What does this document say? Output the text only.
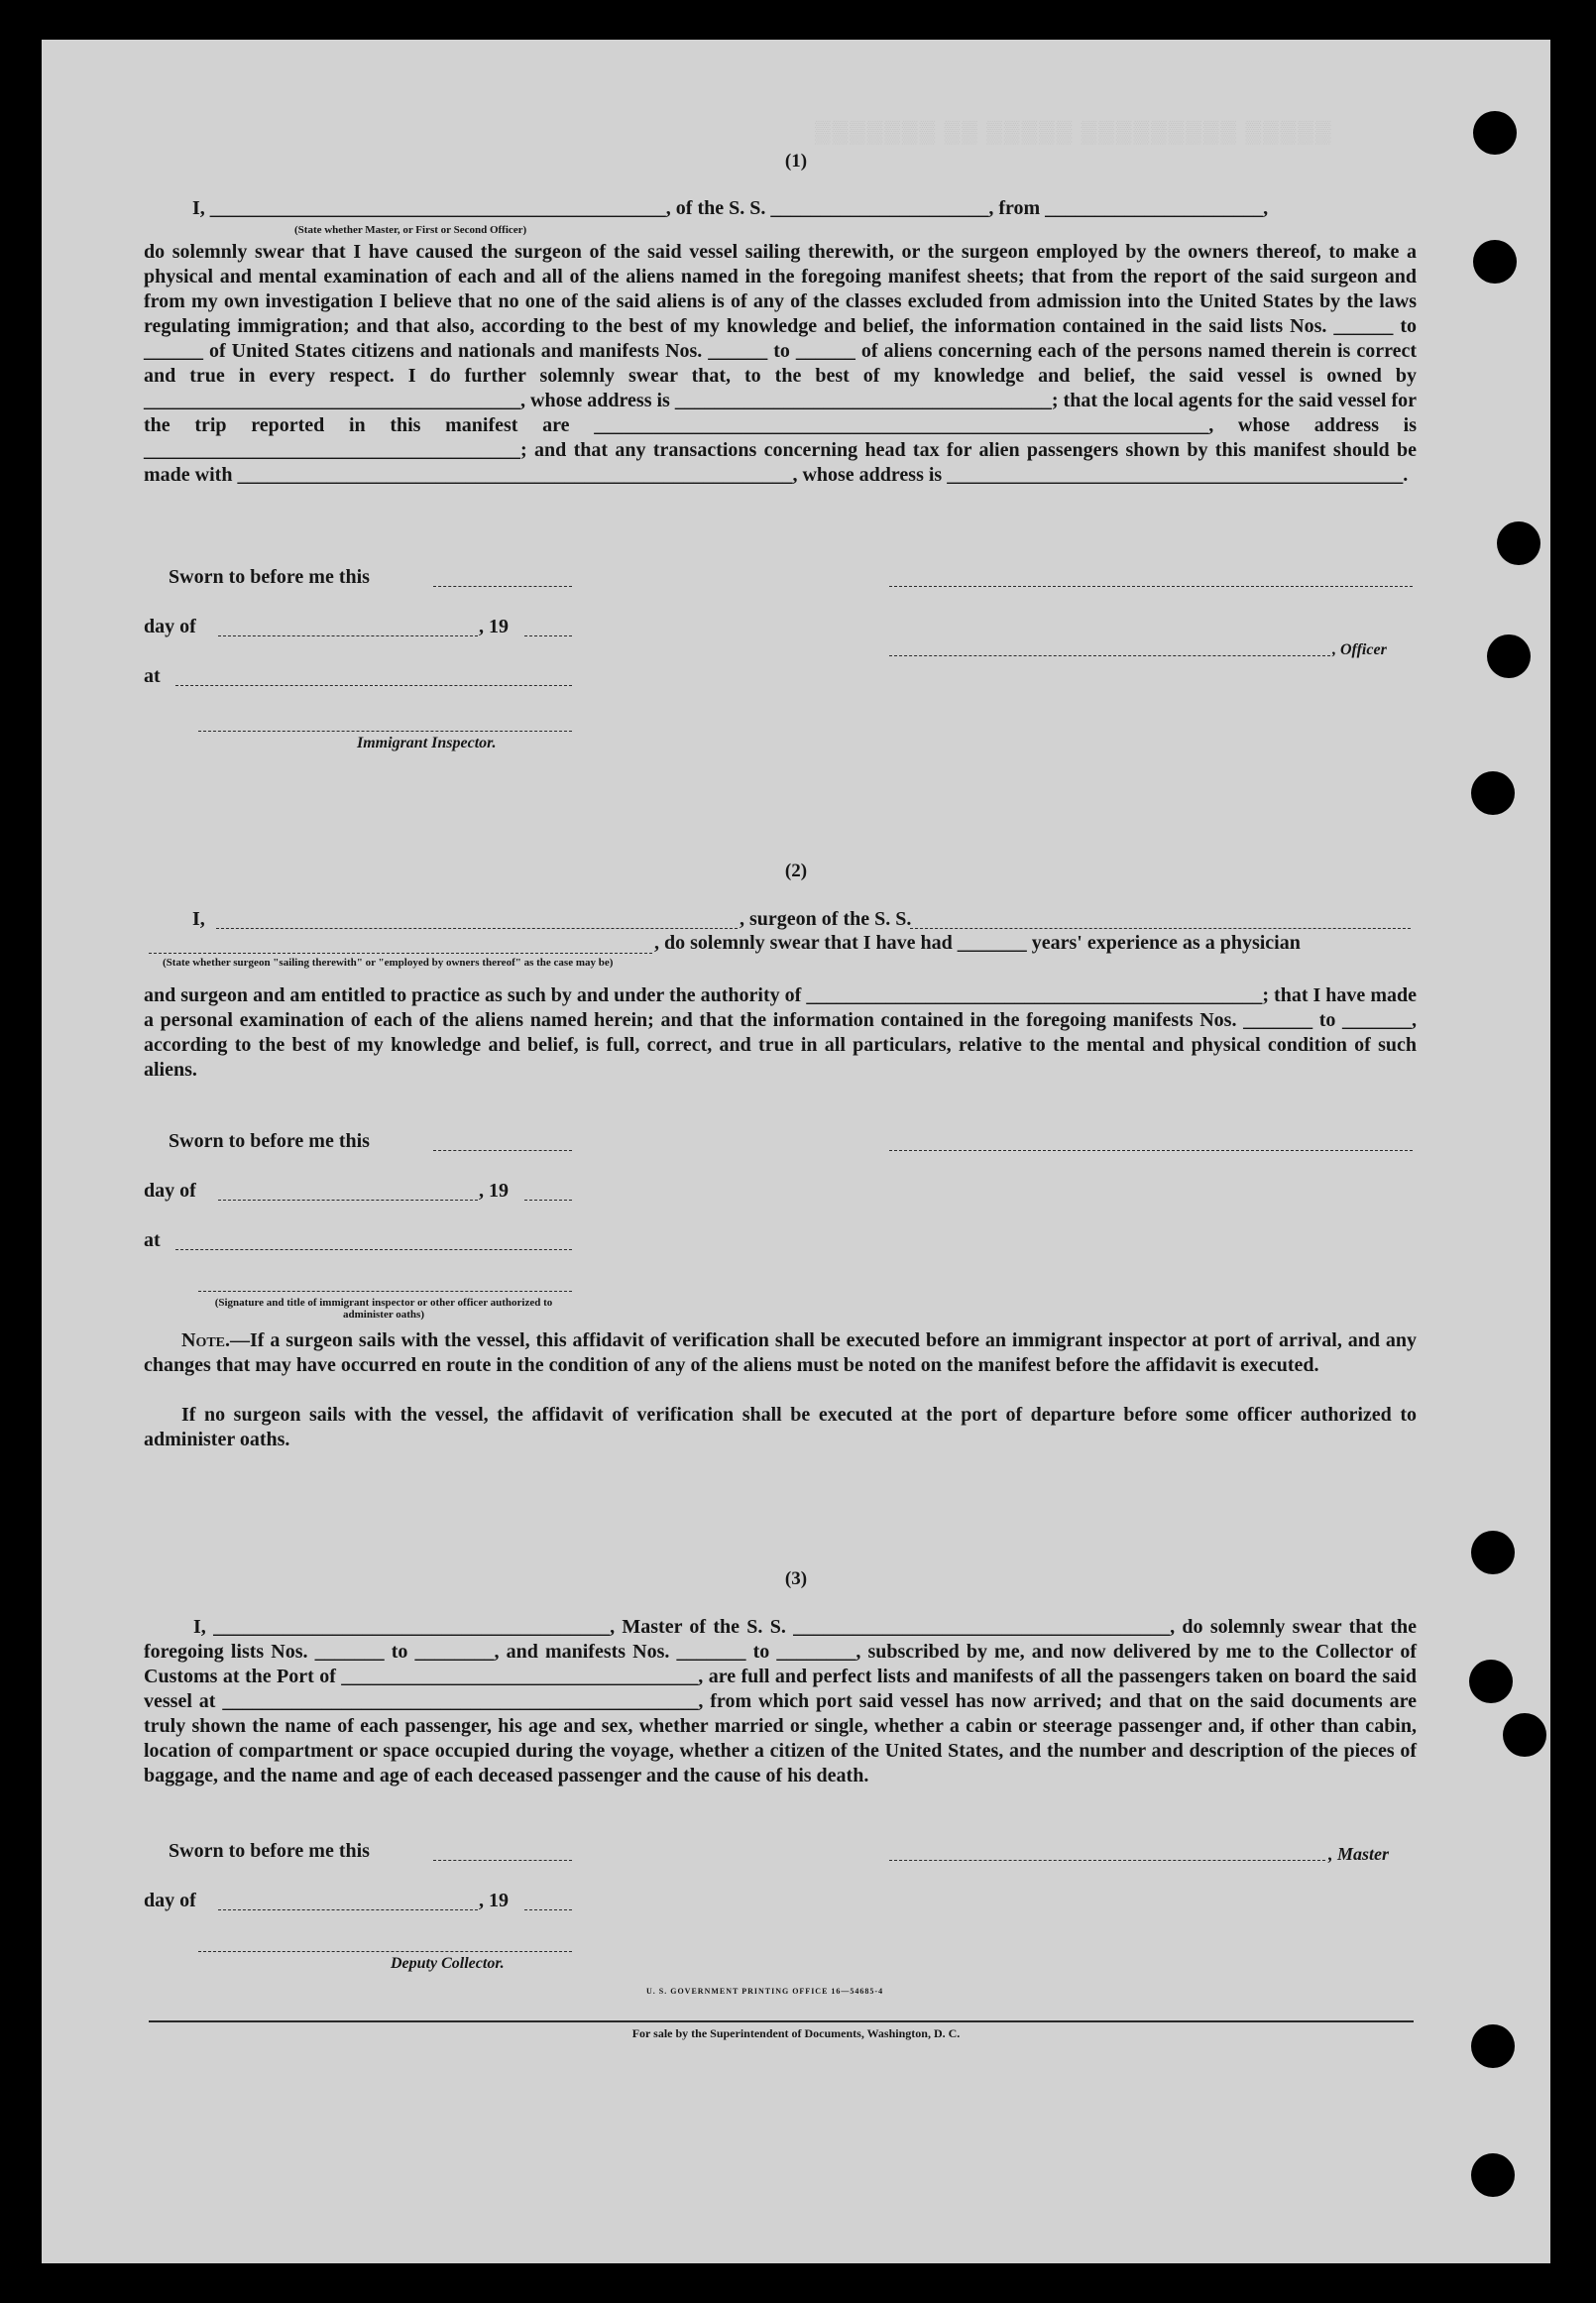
▒▒▒▒▒▒▒ ▒▒ ▒▒▒▒▒ ▒▒▒▒▒▒▒▒▒ ▒▒▒▒▒
(1)
I, ______________________________________________, of the S. S. ______________________, from ______________________,
(State whether Master, or First or Second Officer)

do solemnly swear that I have caused the surgeon of the said vessel sailing therewith, or the surgeon employed by the owners thereof, to make a physical and mental examination of each and all of the aliens named in the foregoing manifest sheets; that from the report of the said surgeon and from my own investigation I believe that no one of the said aliens is of any of the classes excluded from admission into the United States by the laws regulating immigration; and that also, according to the best of my knowledge and belief, the information contained in the said lists Nos. ______ to ______ of United States citizens and nationals and manifests Nos. ______ to ______ of aliens concerning each of the persons named therein is correct and true in every respect. I do further solemnly swear that, to the best of my knowledge and belief, the said vessel is owned by ______________________________________, whose address is ______________________________________; that the local agents for the said vessel for the trip reported in this manifest are ______________________________________________________________, whose address is ______________________________________; and that any transactions concerning head tax for alien passengers shown by this manifest should be made with ________________________________________________________, whose address is ______________________________________________.

Sworn to before me this
day of	, 19
, Officer
at
Immigrant Inspector.
(2)
I,	, surgeon of the S. S.
, do solemnly swear that I have had _______ years' experience as a physician
(State whether surgeon "sailing therewith" or "employed by owners thereof" as the case may be)

and surgeon and am entitled to practice as such by and under the authority of ______________________________________________; that I have made a personal examination of each of the aliens named herein; and that the information contained in the foregoing manifests Nos. _______ to _______, according to the best of my knowledge and belief, is full, correct, and true in all particulars, relative to the mental and physical condition of such aliens.

Sworn to before me this
day of	, 19
at
(Signature and title of immigrant inspector or other officer authorized to administer oaths)

Note.—If a surgeon sails with the vessel, this affidavit of verification shall be executed before an immigrant inspector at port of arrival, and any changes that may have occurred en route in the condition of any of the aliens must be noted on the manifest before the affidavit is executed.

If no surgeon sails with the vessel, the affidavit of verification shall be executed at the port of departure before some officer authorized to administer oaths.

(3)

I, ________________________________________, Master of the S. S. ______________________________________, do solemnly swear that the foregoing lists Nos. _______ to ________, and manifests Nos. _______ to ________, subscribed by me, and now delivered by me to the Collector of Customs at the Port of ____________________________________, are full and perfect lists and manifests of all the passengers taken on board the said vessel at ________________________________________________, from which port said vessel has now arrived; and that on the said documents are truly shown the name of each passenger, his age and sex, whether married or single, whether a cabin or steerage passenger and, if other than cabin, location of compartment or space occupied during the voyage, whether a citizen of the United States, and the number and description of the pieces of baggage, and the name and age of each deceased passenger and the cause of his death.

Sworn to before me this	, Master
day of	, 19
Deputy Collector.
U. S. GOVERNMENT PRINTING OFFICE 16—54685-4
For sale by the Superintendent of Documents, Washington, D. C.
